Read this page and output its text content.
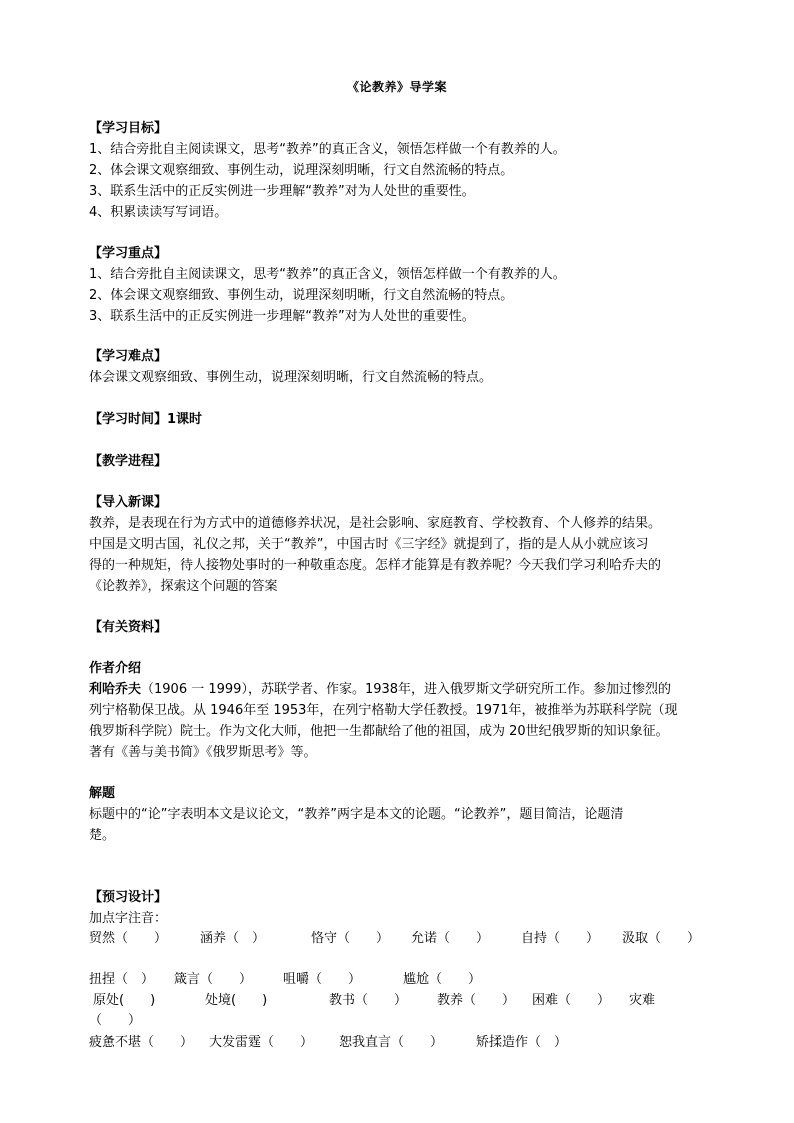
《论教养》导学案
【学习目标】
1、结合旁批自主阅读课文，思考“教养”的真正含义，领悟怎样做一个有教养的人。
2、体会课文观察细致、事例生动，说理深刻明晰，行文自然流畅的特点。
3、联系生活中的正反实例进一步理解“教养”对为人处世的重要性。
4、积累读读写写词语。
【学习重点】
1、结合旁批自主阅读课文，思考“教养”的真正含义，领悟怎样做一个有教养的人。
2、体会课文观察细致、事例生动，说理深刻明晰，行文自然流畅的特点。
3、联系生活中的正反实例进一步理解“教养”对为人处世的重要性。
【学习难点】
体会课文观察细致、事例生动，说理深刻明晰，行文自然流畅的特点。
【学习时间】1课时
【教学进程】
【导入新课】
教养，是表现在行为方式中的道德修养状况，是社会影响、家庭教育、学校教育、个人修养的结果。
中国是文明古国，礼仪之邦，关于“教养”，中国古时《三字经》就提到了，指的是人从小就应该习
得的一种规矩，待人接物处事时的一种敬重态度。怎样才能算是有教养呢？今天我们学习利哈乔夫的
《论教养》，探索这个问题的答案
【有关资料】
作者介绍
利哈乔夫（1906 一 1999），苏联学者、作家。1938年，进入俄罗斯文学研究所工作。参加过惨烈的
列宁格勒保卫战。从 1946年至 1953年，在列宁格勒大学任教授。1971年，被推举为苏联科学院（现
俄罗斯科学院）院士。作为文化大师，他把一生都献给了他的祖国，成为 20世纪俄罗斯的知识象征。
著有《善与美书简》《俄罗斯思考》等。
解题
标题中的“论”字表明本文是议论文，“教养”两字是本文的论题。“论教养”，题目简洁，论题清
楚。
【预习设计】
加点字注音：
贸然（　　）	涵养（　）	恪守（　　） 允诺（　　） 自持（　　） 汲取（　　）
扭捏（　） 箴言（　　） 咀嚼（　　）	尴尬（　　）
原处(　　)	处境(　　)	教书（　　） 教养（　　） 困难（　　） 灾难
（　　）
疲惫不堪（　　） 大发雷霆（　　） 恕我直言（　　）	矫揉造作（　）
